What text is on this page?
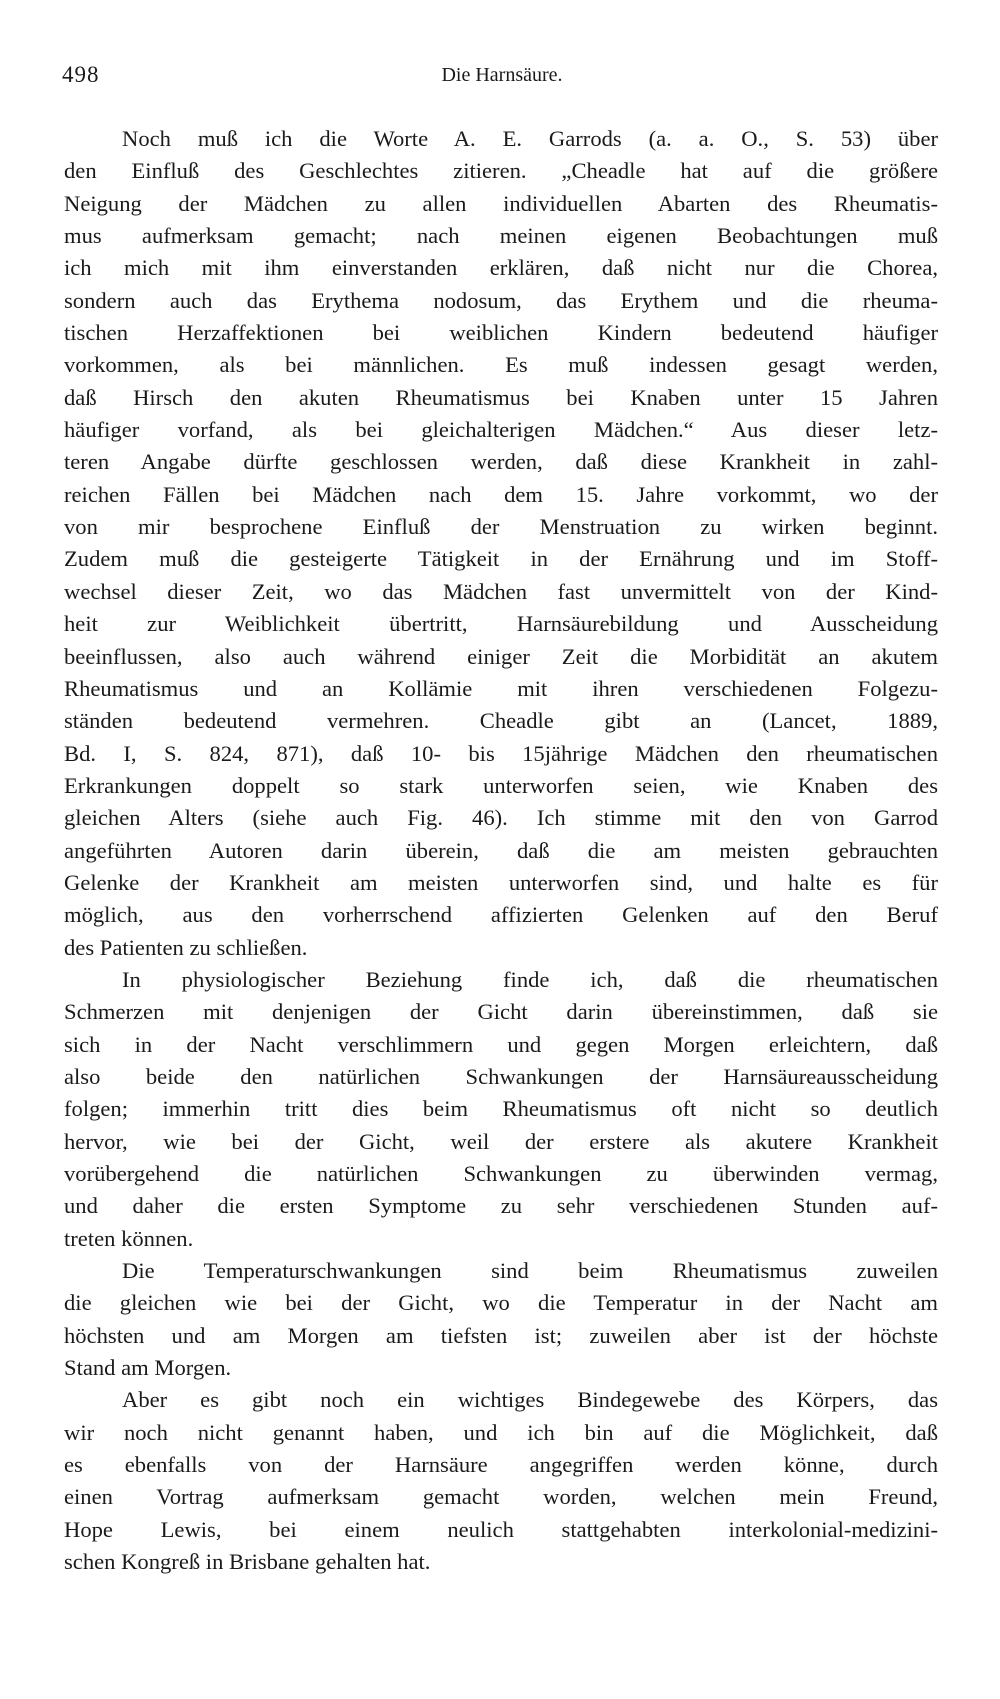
498	Die Harnsäure.
Noch muß ich die Worte A. E. Garrods (a. a. O., S. 53) über
den Einfluß des Geschlechtes zitieren. „Cheadle hat auf die größere
Neigung der Mädchen zu allen individuellen Abarten des Rheumatis-
mus aufmerksam gemacht; nach meinen eigenen Beobachtungen muß
ich mich mit ihm einverstanden erklären, daß nicht nur die Chorea,
sondern auch das Erythema nodosum, das Erythem und die rheuma-
tischen Herzaffektionen bei weiblichen Kindern bedeutend häufiger
vorkommen, als bei männlichen. Es muß indessen gesagt werden,
daß Hirsch den akuten Rheumatismus bei Knaben unter 15 Jahren
häufiger vorfand, als bei gleichalterigen Mädchen.“ Aus dieser letz-
teren Angabe dürfte geschlossen werden, daß diese Krankheit in zahl-
reichen Fällen bei Mädchen nach dem 15. Jahre vorkommt, wo der
von mir besprochene Einfluß der Menstruation zu wirken beginnt.
Zudem muß die gesteigerte Tätigkeit in der Ernährung und im Stoff-
wechsel dieser Zeit, wo das Mädchen fast unvermittelt von der Kind-
heit zur Weiblichkeit übertritt, Harnsäurebildung und Ausscheidung
beeinflussen, also auch während einiger Zeit die Morbidität an akutem
Rheumatismus und an Kollämie mit ihren verschiedenen Folgezu-
ständen bedeutend vermehren. Cheadle gibt an (Lancet, 1889,
Bd. I, S. 824, 871), daß 10- bis 15jährige Mädchen den rheumatischen
Erkrankungen doppelt so stark unterworfen seien, wie Knaben des
gleichen Alters (siehe auch Fig. 46). Ich stimme mit den von Garrod
angeführten Autoren darin überein, daß die am meisten gebrauchten
Gelenke der Krankheit am meisten unterworfen sind, und halte es für
möglich, aus den vorherrschend affizierten Gelenken auf den Beruf
des Patienten zu schließen.
In physiologischer Beziehung finde ich, daß die rheumatischen
Schmerzen mit denjenigen der Gicht darin übereinstimmen, daß sie
sich in der Nacht verschlimmern und gegen Morgen erleichtern, daß
also beide den natürlichen Schwankungen der Harnsäureausscheidung
folgen; immerhin tritt dies beim Rheumatismus oft nicht so deutlich
hervor, wie bei der Gicht, weil der erstere als akutere Krankheit
vorübergehend die natürlichen Schwankungen zu überwinden vermag,
und daher die ersten Symptome zu sehr verschiedenen Stunden auf-
treten können.
Die Temperaturschwankungen sind beim Rheumatismus zuweilen
die gleichen wie bei der Gicht, wo die Temperatur in der Nacht am
höchsten und am Morgen am tiefsten ist; zuweilen aber ist der höchste
Stand am Morgen.
Aber es gibt noch ein wichtiges Bindegewebe des Körpers, das
wir noch nicht genannt haben, und ich bin auf die Möglichkeit, daß
es ebenfalls von der Harnsäure angegriffen werden könne, durch
einen Vortrag aufmerksam gemacht worden, welchen mein Freund,
Hope Lewis, bei einem neulich stattgehabten interkolonial-medizini-
schen Kongreß in Brisbane gehalten hat.
